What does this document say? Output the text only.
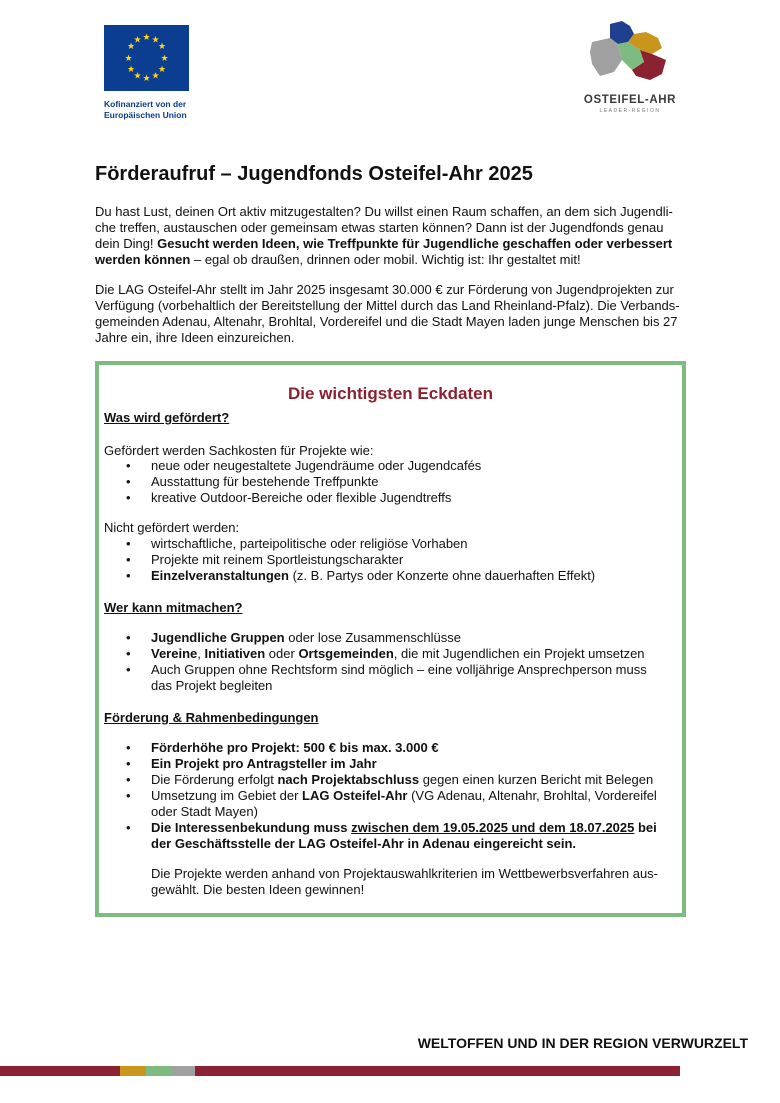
★ ★
★
★
★
★
★
★
★
★
★
★
Kofinanziert von der
Europäischen Union
OSTEIFEL-AHR
LEADER-REGION
Förderaufruf – Jugendfonds Osteifel-Ahr 2025
Du hast Lust, deinen Ort aktiv mitzugestalten? Du willst einen Raum schaffen, an dem sich Jugendli-
che treffen, austauschen oder gemeinsam etwas starten können? Dann ist der Jugendfonds genau
dein Ding! Gesucht werden Ideen, wie Treffpunkte für Jugendliche geschaffen oder verbessert
werden können – egal ob draußen, drinnen oder mobil. Wichtig ist: Ihr gestaltet mit!
Die LAG Osteifel-Ahr stellt im Jahr 2025 insgesamt 30.000 € zur Förderung von Jugendprojekten zur
Verfügung (vorbehaltlich der Bereitstellung der Mittel durch das Land Rheinland-Pfalz). Die Verbands-
gemeinden Adenau, Altenahr, Brohltal, Vordereifel und die Stadt Mayen laden junge Menschen bis 27
Jahre ein, ihre Ideen einzureichen.
Die wichtigsten Eckdaten
Was wird gefördert?
Gefördert werden Sachkosten für Projekte wie:
• neue oder neugestaltete Jugendräume oder Jugendcafés
• Ausstattung für bestehende Treffpunkte
• kreative Outdoor-Bereiche oder flexible Jugendtreffs
Nicht gefördert werden:
• wirtschaftliche, parteipolitische oder religiöse Vorhaben
• Projekte mit reinem Sportleistungscharakter
• Einzelveranstaltungen (z. B. Partys oder Konzerte ohne dauerhaften Effekt)
Wer kann mitmachen?
• Jugendliche Gruppen oder lose Zusammenschlüsse
• Vereine, Initiativen oder Ortsgemeinden, die mit Jugendlichen ein Projekt umsetzen
• Auch Gruppen ohne Rechtsform sind möglich – eine volljährige Ansprechperson muss
das Projekt begleiten
Förderung & Rahmenbedingungen
• Förderhöhe pro Projekt: 500 € bis max. 3.000 €
• Ein Projekt pro Antragsteller im Jahr
• Die Förderung erfolgt nach Projektabschluss gegen einen kurzen Bericht mit Belegen
• Umsetzung im Gebiet der LAG Osteifel-Ahr (VG Adenau, Altenahr, Brohltal, Vordereifel
oder Stadt Mayen)
• Die Interessenbekundung muss zwischen dem 19.05.2025 und dem 18.07.2025 bei
der Geschäftsstelle der LAG Osteifel-Ahr in Adenau eingereicht sein.
Die Projekte werden anhand von Projektauswahlkriterien im Wettbewerbsverfahren aus-
gewählt. Die besten Ideen gewinnen!
WELTOFFEN UND IN DER REGION VERWURZELT
